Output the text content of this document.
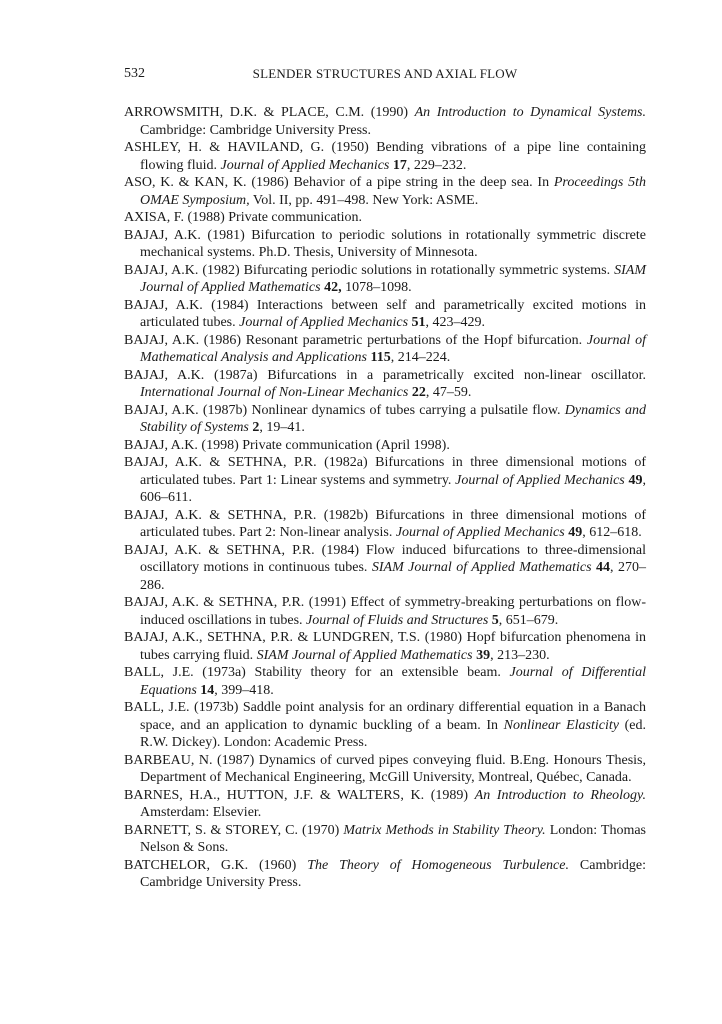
532	SLENDER STRUCTURES AND AXIAL FLOW
ARROWSMITH, D.K. & PLACE, C.M. (1990) An Introduction to Dynamical Systems. Cambridge: Cambridge University Press.
ASHLEY, H. & HAVILAND, G. (1950) Bending vibrations of a pipe line containing flowing fluid. Journal of Applied Mechanics 17, 229–232.
ASO, K. & KAN, K. (1986) Behavior of a pipe string in the deep sea. In Proceedings 5th OMAE Symposium, Vol. II, pp. 491–498. New York: ASME.
AXISA, F. (1988) Private communication.
BAJAJ, A.K. (1981) Bifurcation to periodic solutions in rotationally symmetric discrete mechanical systems. Ph.D. Thesis, University of Minnesota.
BAJAJ, A.K. (1982) Bifurcating periodic solutions in rotationally symmetric systems. SIAM Journal of Applied Mathematics 42, 1078–1098.
BAJAJ, A.K. (1984) Interactions between self and parametrically excited motions in articulated tubes. Journal of Applied Mechanics 51, 423–429.
BAJAJ, A.K. (1986) Resonant parametric perturbations of the Hopf bifurcation. Journal of Mathematical Analysis and Applications 115, 214–224.
BAJAJ, A.K. (1987a) Bifurcations in a parametrically excited non-linear oscillator. International Journal of Non-Linear Mechanics 22, 47–59.
BAJAJ, A.K. (1987b) Nonlinear dynamics of tubes carrying a pulsatile flow. Dynamics and Stability of Systems 2, 19–41.
BAJAJ, A.K. (1998) Private communication (April 1998).
BAJAJ, A.K. & SETHNA, P.R. (1982a) Bifurcations in three dimensional motions of articulated tubes. Part 1: Linear systems and symmetry. Journal of Applied Mechanics 49, 606–611.
BAJAJ, A.K. & SETHNA, P.R. (1982b) Bifurcations in three dimensional motions of articulated tubes. Part 2: Non-linear analysis. Journal of Applied Mechanics 49, 612–618.
BAJAJ, A.K. & SETHNA, P.R. (1984) Flow induced bifurcations to three-dimensional oscillatory motions in continuous tubes. SIAM Journal of Applied Mathematics 44, 270–286.
BAJAJ, A.K. & SETHNA, P.R. (1991) Effect of symmetry-breaking perturbations on flow-induced oscillations in tubes. Journal of Fluids and Structures 5, 651–679.
BAJAJ, A.K., SETHNA, P.R. & LUNDGREN, T.S. (1980) Hopf bifurcation phenomena in tubes carrying fluid. SIAM Journal of Applied Mathematics 39, 213–230.
BALL, J.E. (1973a) Stability theory for an extensible beam. Journal of Differential Equations 14, 399–418.
BALL, J.E. (1973b) Saddle point analysis for an ordinary differential equation in a Banach space, and an application to dynamic buckling of a beam. In Nonlinear Elasticity (ed. R.W. Dickey). London: Academic Press.
BARBEAU, N. (1987) Dynamics of curved pipes conveying fluid. B.Eng. Honours Thesis, Department of Mechanical Engineering, McGill University, Montreal, Québec, Canada.
BARNES, H.A., HUTTON, J.F. & WALTERS, K. (1989) An Introduction to Rheology. Amsterdam: Elsevier.
BARNETT, S. & STOREY, C. (1970) Matrix Methods in Stability Theory. London: Thomas Nelson & Sons.
BATCHELOR, G.K. (1960) The Theory of Homogeneous Turbulence. Cambridge: Cambridge University Press.
